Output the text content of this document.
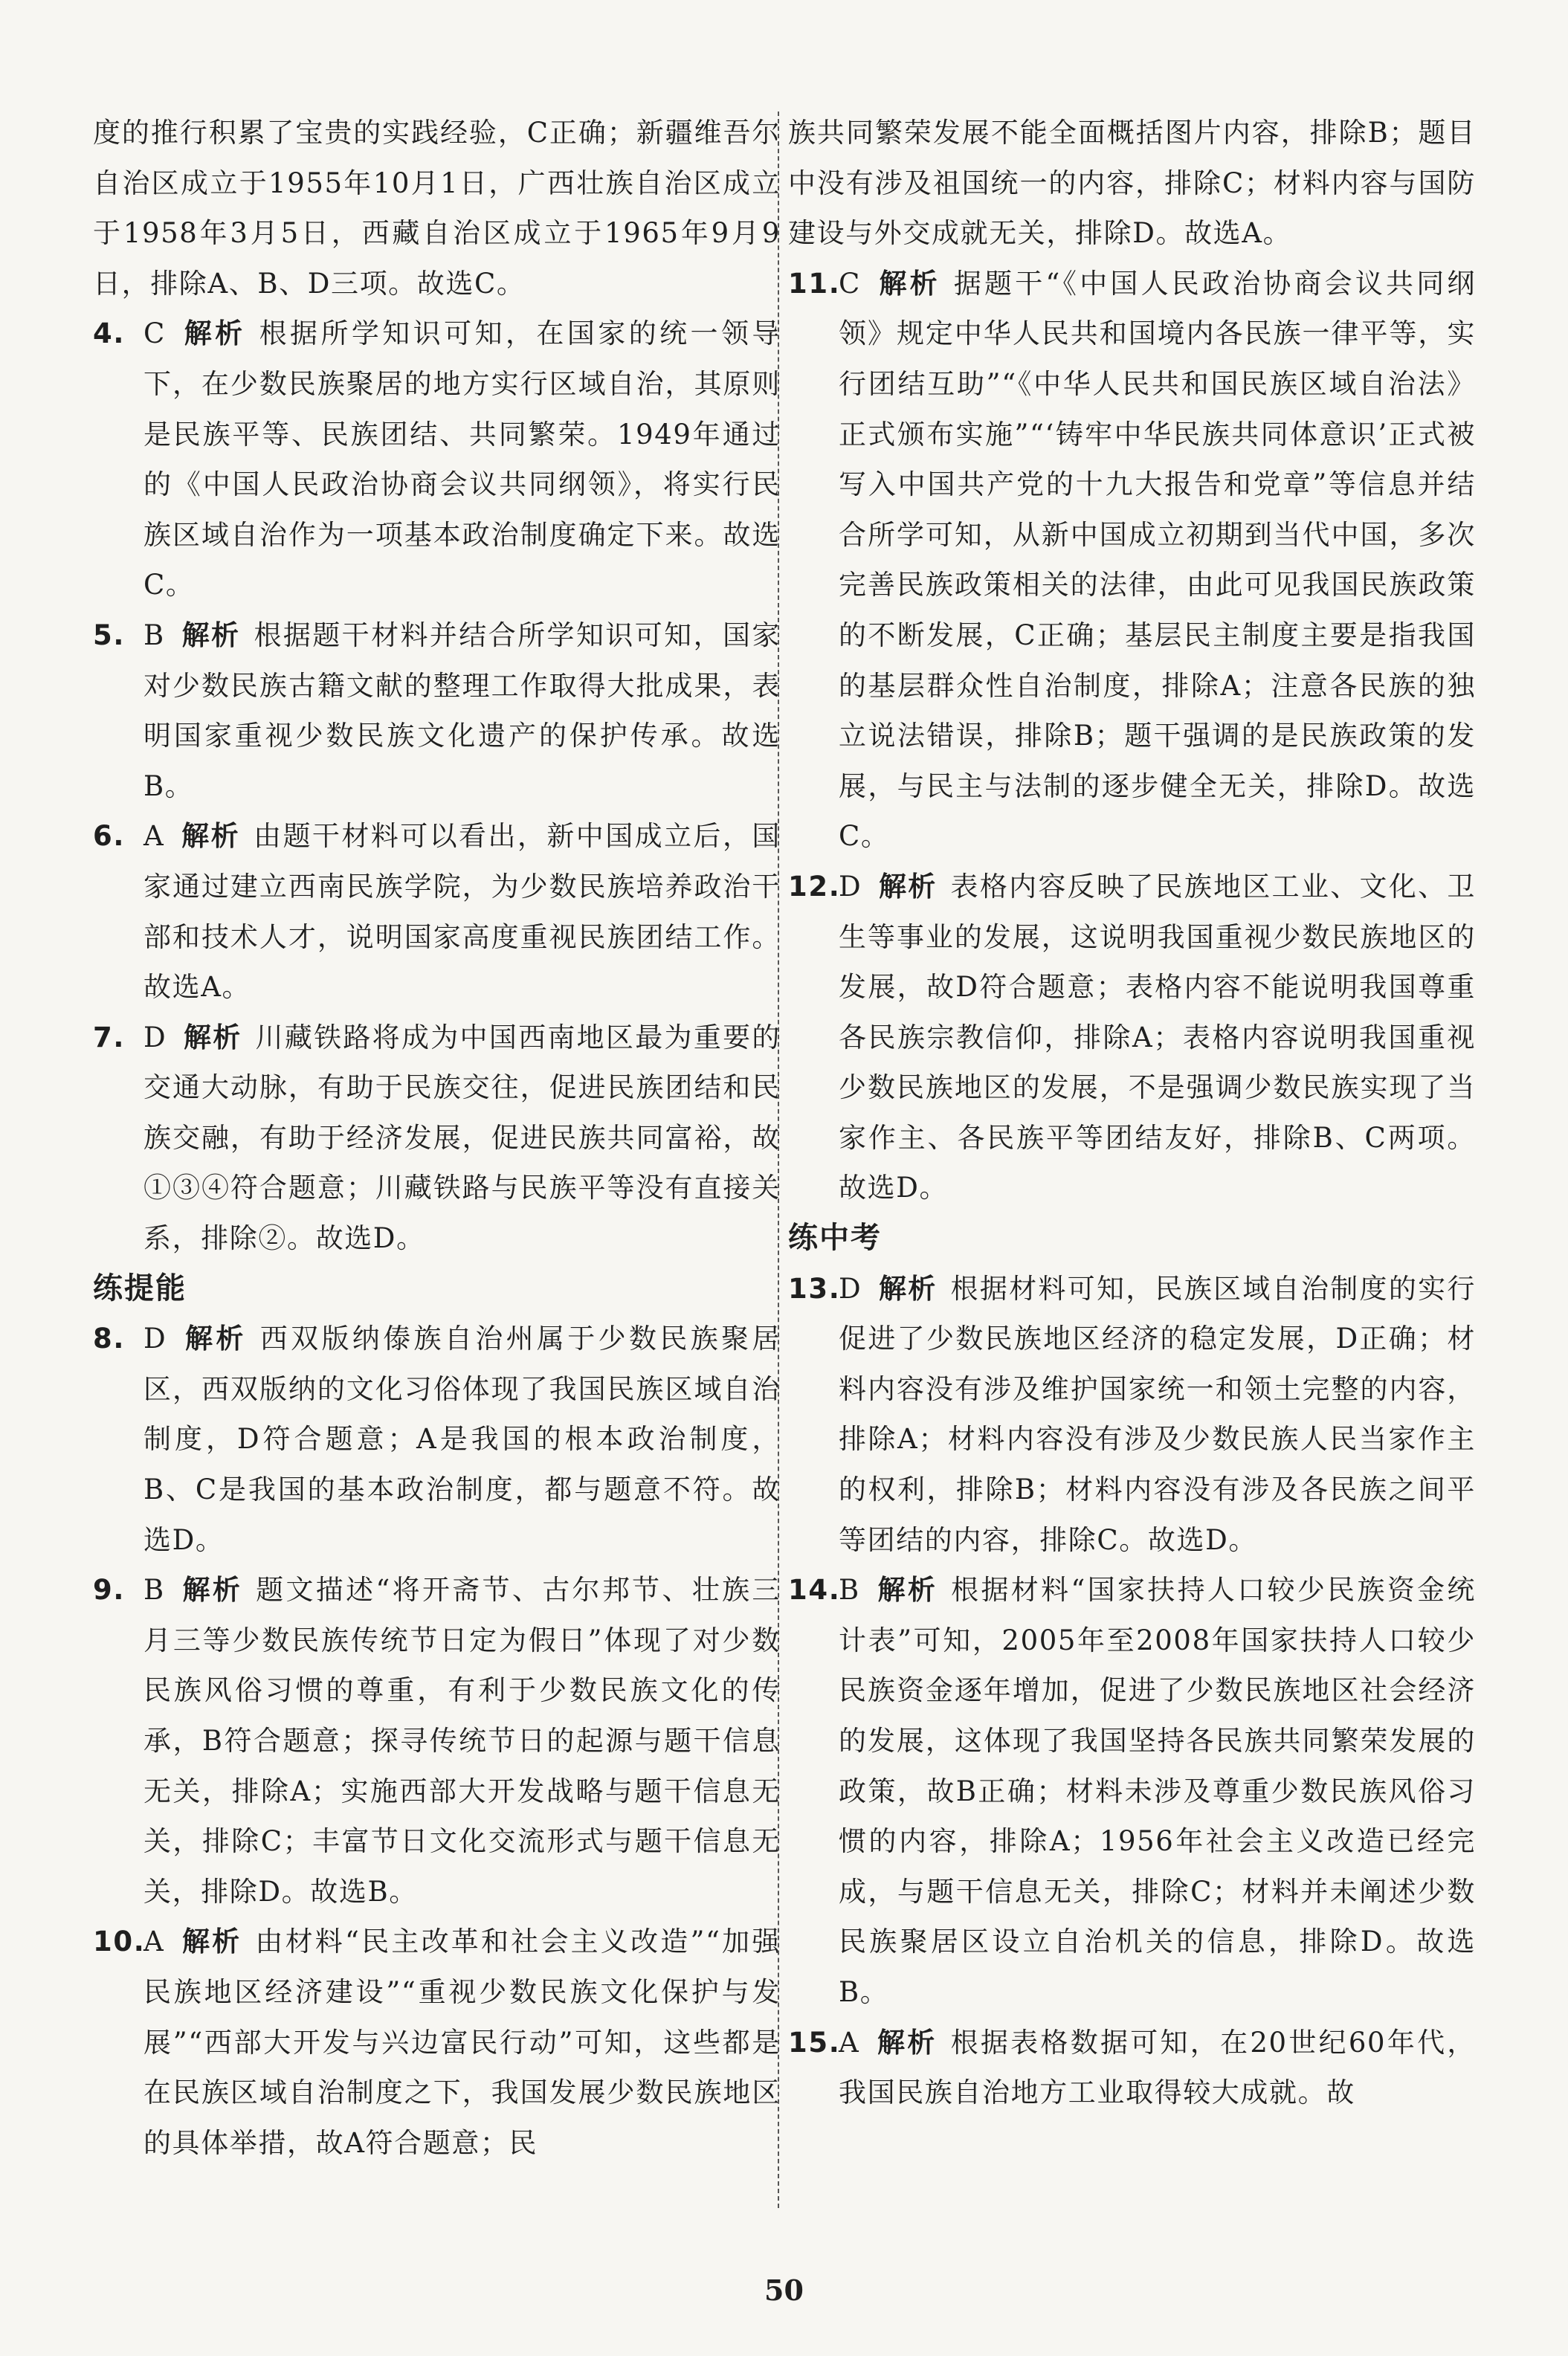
度的推行积累了宝贵的实践经验，C正确；新疆维吾尔自治区成立于1955年10月1日，广西壮族自治区成立于1958年3月5日，西藏自治区成立于1965年9月9日，排除A、B、D三项。故选C。
4. C 解析 根据所学知识可知，在国家的统一领导下，在少数民族聚居的地方实行区域自治，其原则是民族平等、民族团结、共同繁荣。1949年通过的《中国人民政治协商会议共同纲领》，将实行民族区域自治作为一项基本政治制度确定下来。故选C。
5. B 解析 根据题干材料并结合所学知识可知，国家对少数民族古籍文献的整理工作取得大批成果，表明国家重视少数民族文化遗产的保护传承。故选B。
6. A 解析 由题干材料可以看出，新中国成立后，国家通过建立西南民族学院，为少数民族培养政治干部和技术人才，说明国家高度重视民族团结工作。故选A。
7. D 解析 川藏铁路将成为中国西南地区最为重要的交通大动脉，有助于民族交往，促进民族团结和民族交融，有助于经济发展，促进民族共同富裕，故①③④符合题意；川藏铁路与民族平等没有直接关系，排除②。故选D。
练提能
8. D 解析 西双版纳傣族自治州属于少数民族聚居区，西双版纳的文化习俗体现了我国民族区域自治制度，D符合题意；A是我国的根本政治制度，B、C是我国的基本政治制度，都与题意不符。故选D。
9. B 解析 题文描述“将开斋节、古尔邦节、壮族三月三等少数民族传统节日定为假日”体现了对少数民族风俗习惯的尊重，有利于少数民族文化的传承，B符合题意；探寻传统节日的起源与题干信息无关，排除A；实施西部大开发战略与题干信息无关，排除C；丰富节日文化交流形式与题干信息无关，排除D。故选B。
10.
A 解析 由材料“民主改革和社会主义改造”“加强民族地区经济建设”“重视少数民族文化保护与发展”“西部大开发与兴边富民行动”可知，这些都是在民族区域自治制度之下，我国发展少数民族地区的具体举措，故A符合题意；民
族共同繁荣发展不能全面概括图片内容，排除B；题目中没有涉及祖国统一的内容，排除C；材料内容与国防建设与外交成就无关，排除D。故选A。
11.
C 解析 据题干“《中国人民政治协商会议共同纲领》规定中华人民共和国境内各民族一律平等，实行团结互助”“《中华人民共和国民族区域自治法》正式颁布实施”“‘铸牢中华民族共同体意识’正式被写入中国共产党的十九大报告和党章”等信息并结合所学可知，从新中国成立初期到当代中国，多次完善民族政策相关的法律，由此可见我国民族政策的不断发展，C正确；基层民主制度主要是指我国的基层群众性自治制度，排除A；注意各民族的独立说法错误，排除B；题干强调的是民族政策的发展，与民主与法制的逐步健全无关，排除D。故选C。
12.
D 解析 表格内容反映了民族地区工业、文化、卫生等事业的发展，这说明我国重视少数民族地区的发展，故D符合题意；表格内容不能说明我国尊重各民族宗教信仰，排除A；表格内容说明我国重视少数民族地区的发展，不是强调少数民族实现了当家作主、各民族平等团结友好，排除B、C两项。故选D。
练中考
13.
D 解析 根据材料可知，民族区域自治制度的实行促进了少数民族地区经济的稳定发展，D正确；材料内容没有涉及维护国家统一和领土完整的内容，排除A；材料内容没有涉及少数民族人民当家作主的权利，排除B；材料内容没有涉及各民族之间平等团结的内容，排除C。故选D。
14.
B 解析 根据材料“国家扶持人口较少民族资金统计表”可知，2005年至2008年国家扶持人口较少民族资金逐年增加，促进了少数民族地区社会经济的发展，这体现了我国坚持各民族共同繁荣发展的政策，故B正确；材料未涉及尊重少数民族风俗习惯的内容，排除A；1956年社会主义改造已经完成，与题干信息无关，排除C；材料并未阐述少数民族聚居区设立自治机关的信息，排除D。故选B。
15.
A 解析 根据表格数据可知，在20世纪60年代，我国民族自治地方工业取得较大成就。故
50
